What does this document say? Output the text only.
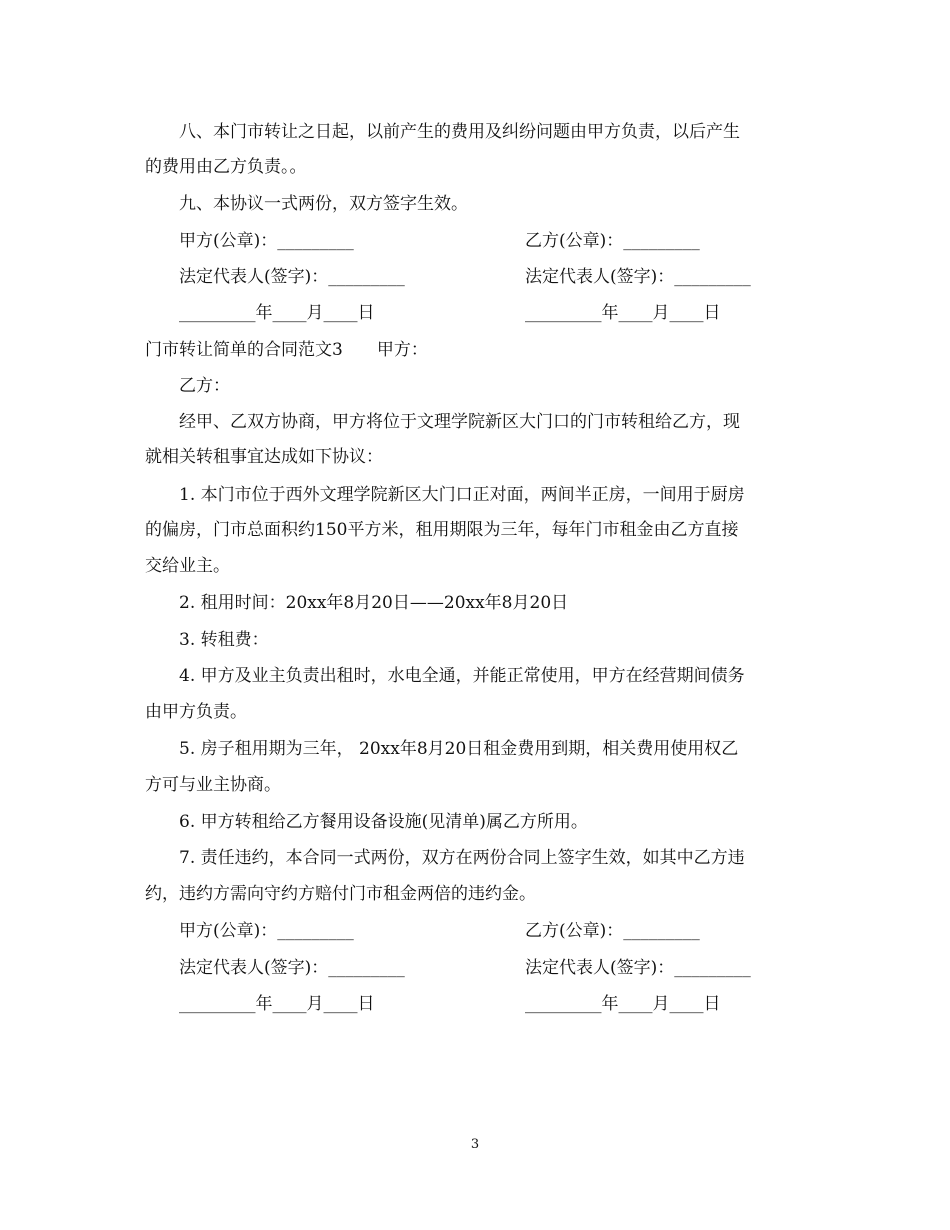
八、本门市转让之日起，以前产生的费用及纠纷问题由甲方负责，以后产生
的费用由乙方负责。。
九、本协议一式两份，双方签字生效。
甲方(公章)：_________	乙方(公章)：_________
法定代表人(签字)：_________	法定代表人(签字)：_________
_________年____月____日	_________年____月____日
门市转让简单的合同范文3　　甲方：
乙方：
经甲、乙双方协商，甲方将位于文理学院新区大门口的门市转租给乙方，现
就相关转租事宜达成如下协议：
1. 本门市位于西外文理学院新区大门口正对面，两间半正房，一间用于厨房
的偏房，门市总面积约150平方米，租用期限为三年，每年门市租金由乙方直接
交给业主。
2. 租用时间：20xx年8月20日——20xx年8月20日
3. 转租费：
4. 甲方及业主负责出租时，水电全通，并能正常使用，甲方在经营期间债务
由甲方负责。
5. 房子租用期为三年， 20xx年8月20日租金费用到期，相关费用使用权乙
方可与业主协商。
6. 甲方转租给乙方餐用设备设施(见清单)属乙方所用。
7. 责任违约，本合同一式两份，双方在两份合同上签字生效，如其中乙方违
约，违约方需向守约方赔付门市租金两倍的违约金。
甲方(公章)：_________	乙方(公章)：_________
法定代表人(签字)：_________	法定代表人(签字)：_________
_________年____月____日	_________年____月____日
3
